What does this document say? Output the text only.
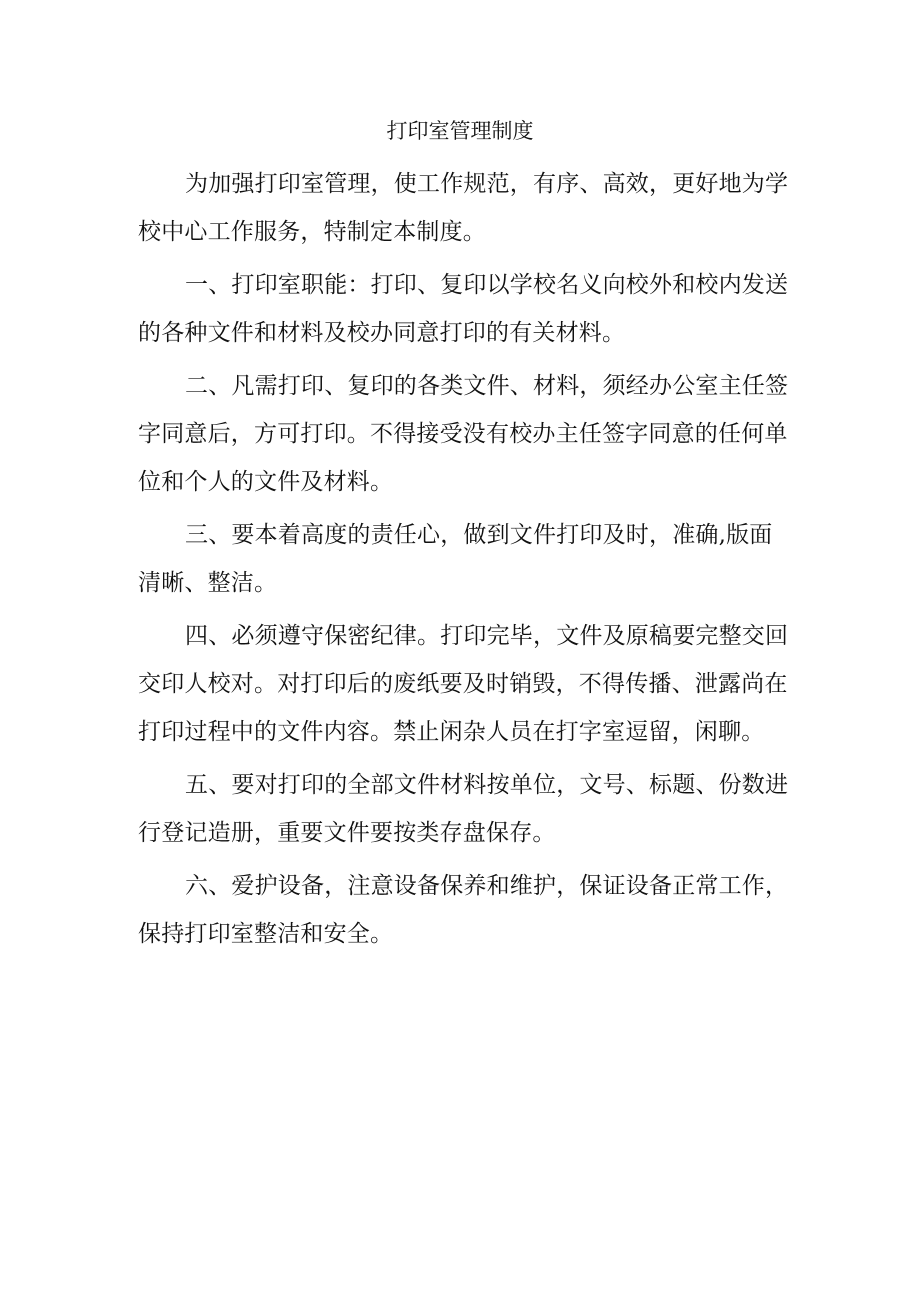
打印室管理制度

为加强打印室管理，使工作规范，有序、高效，更好地为学校中心工作服务，特制定本制度。

一、打印室职能：打印、复印以学校名义向校外和校内发送的各种文件和材料及校办同意打印的有关材料。

二、凡需打印、复印的各类文件、材料，须经办公室主任签字同意后，方可打印。不得接受没有校办主任签字同意的任何单位和个人的文件及材料。

三、要本着高度的责任心，做到文件打印及时，准确,版面清晰、整洁。

四、必须遵守保密纪律。打印完毕，文件及原稿要完整交回交印人校对。对打印后的废纸要及时销毁，不得传播、泄露尚在打印过程中的文件内容。禁止闲杂人员在打字室逗留，闲聊。

五、要对打印的全部文件材料按单位，文号、标题、份数进行登记造册，重要文件要按类存盘保存。

六、爱护设备，注意设备保养和维护，保证设备正常工作，保持打印室整洁和安全。
